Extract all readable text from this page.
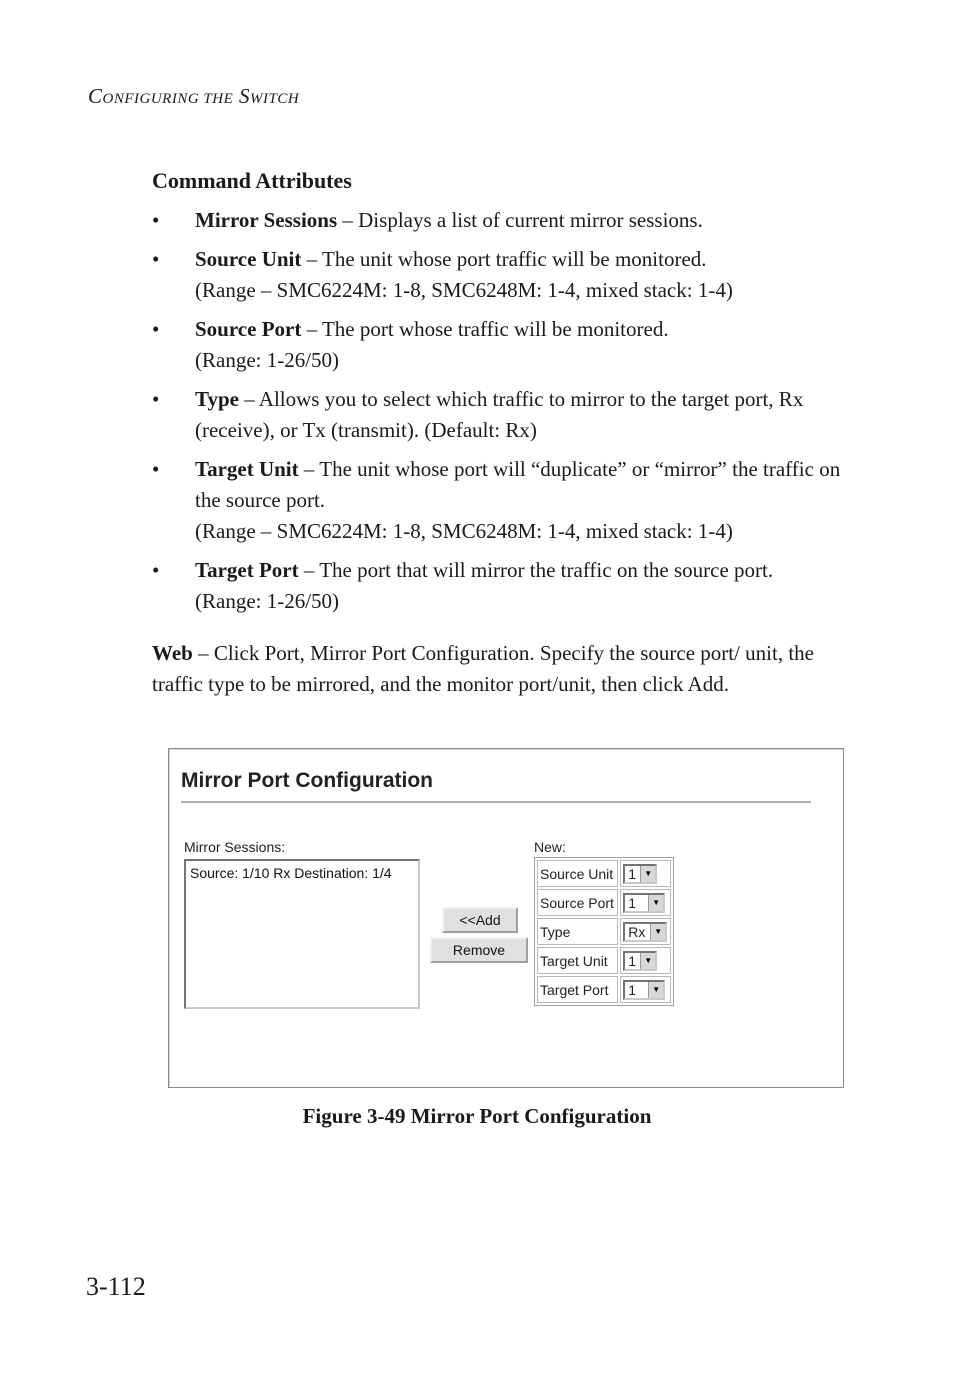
CONFIGURING THE SWITCH
Command Attributes
• Mirror Sessions – Displays a list of current mirror sessions.
• Source Unit – The unit whose port traffic will be monitored.
(Range – SMC6224M: 1-8, SMC6248M: 1-4, mixed stack: 1-4)
• Source Port – The port whose traffic will be monitored.
(Range: 1-26/50)
• Type – Allows you to select which traffic to mirror to the target port, Rx (receive), or Tx (transmit). (Default: Rx)
• Target Unit – The unit whose port will “duplicate” or “mirror” the traffic on the source port.
(Range – SMC6224M: 1-8, SMC6248M: 1-4, mixed stack: 1-4)
• Target Port – The port that will mirror the traffic on the source port.
(Range: 1-26/50)
Web – Click Port, Mirror Port Configuration. Specify the source port/ unit, the traffic type to be mirrored, and the monitor port/unit, then click Add.
Mirror Port Configuration
Mirror Sessions:
Source: 1/10 Rx Destination: 1/4
<<Add
Remove
New:
Source Unit	1 ▼

Source Port	1 ▼

Type	Rx ▼

Target Unit	1 ▼

Target Port	1 ▼
Figure 3-49 Mirror Port Configuration
3-112
